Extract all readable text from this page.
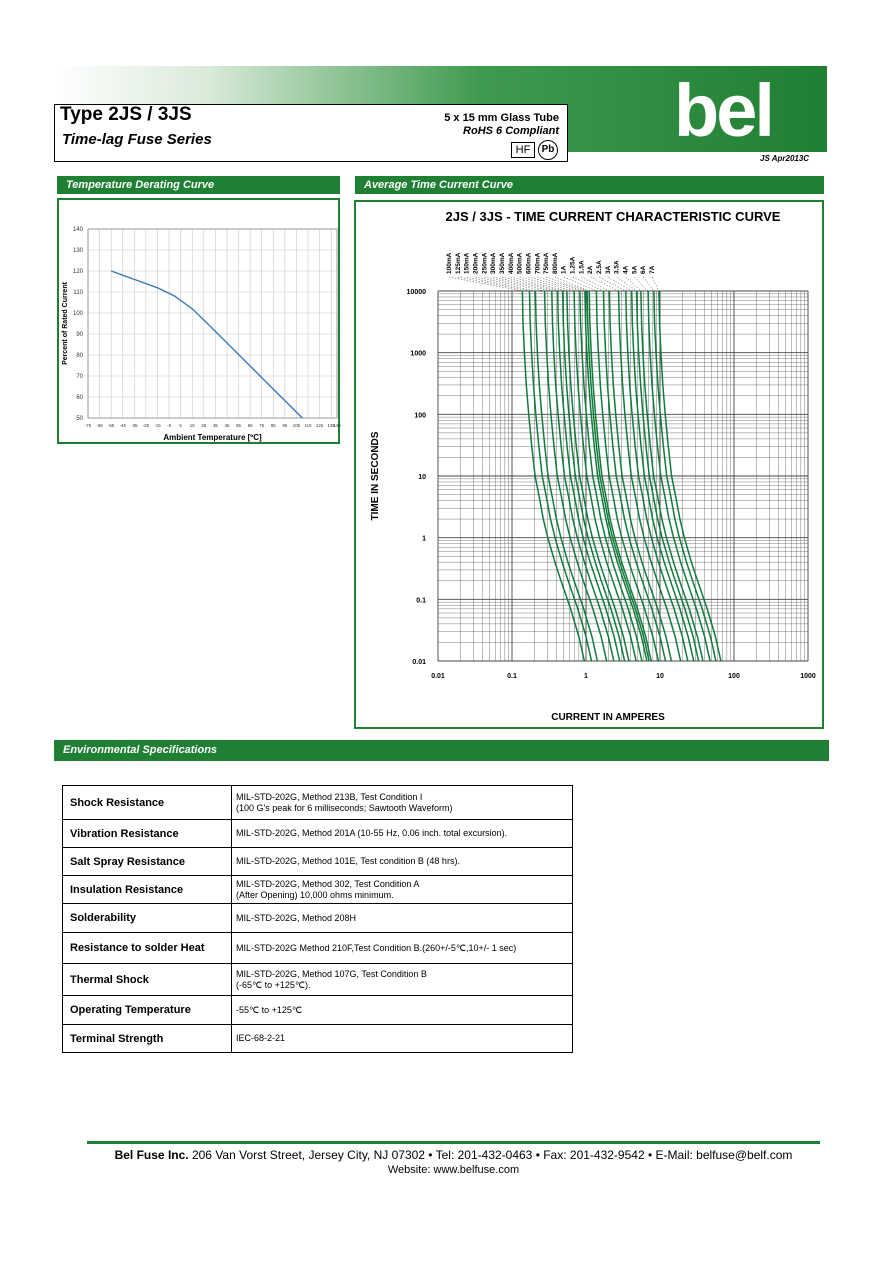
bel
Type 2JS / 3JS
Time-lag Fuse Series
5 x 15 mm Glass Tube
RoHS 6 Compliant
HF	Pb
JS Apr2013C
Temperature Derating Curve	Average Time Current Curve
140
130
120
110
100
90
80
70
60
50
-75 -65 -55 -45 -35 -25 -15 -5 5 15 25 35 45 55 65 75 85 95 105 115 125 135
140
Ambient Temperature [ºC]
Percent of Rated Current
2JS / 3JS - TIME CURRENT CHARACTERISTIC CURVE
0.01	0.1	1	10	100	1000
10000
1000
100
10
1
0.1
0.01
CURRENT IN AMPERES
TIME IN SECONDS
100mA 125mA 150mA 200mA 250mA 300mA 350mA 400mA 500mA 600mA 700mA 750mA 800mA 1A 1.25A 1.5A 2A 2.5A 3A 3.5A 4A 5A 6A 7A
Environmental Specifications
Shock Resistance	MIL-STD-202G, Method 213B, Test Condition I
(100 G's peak for 6 milliseconds; Sawtooth Waveform)
Vibration Resistance	MIL-STD-202G, Method 201A (10-55 Hz, 0.06 inch. total excursion).
Salt Spray Resistance	MIL-STD-202G, Method 101E, Test condition B (48 hrs).
Insulation Resistance	MIL-STD-202G, Method 302, Test Condition A
(After Opening) 10,000 ohms minimum.
Solderability	MIL-STD-202G, Method 208H
Resistance to solder Heat	MIL-STD-202G Method 210F,Test Condition B.(260+/-5℃,10+/- 1 sec)
Thermal Shock	MIL-STD-202G, Method 107G, Test Condition B
(-65℃ to +125℃).
Operating Temperature	-55℃ to +125℃
Terminal Strength	IEC-68-2-21
Bel Fuse Inc. 206 Van Vorst Street, Jersey City, NJ 07302 • Tel: 201-432-0463 • Fax: 201-432-9542 • E-Mail: belfuse@belf.com
Website: www.belfuse.com
